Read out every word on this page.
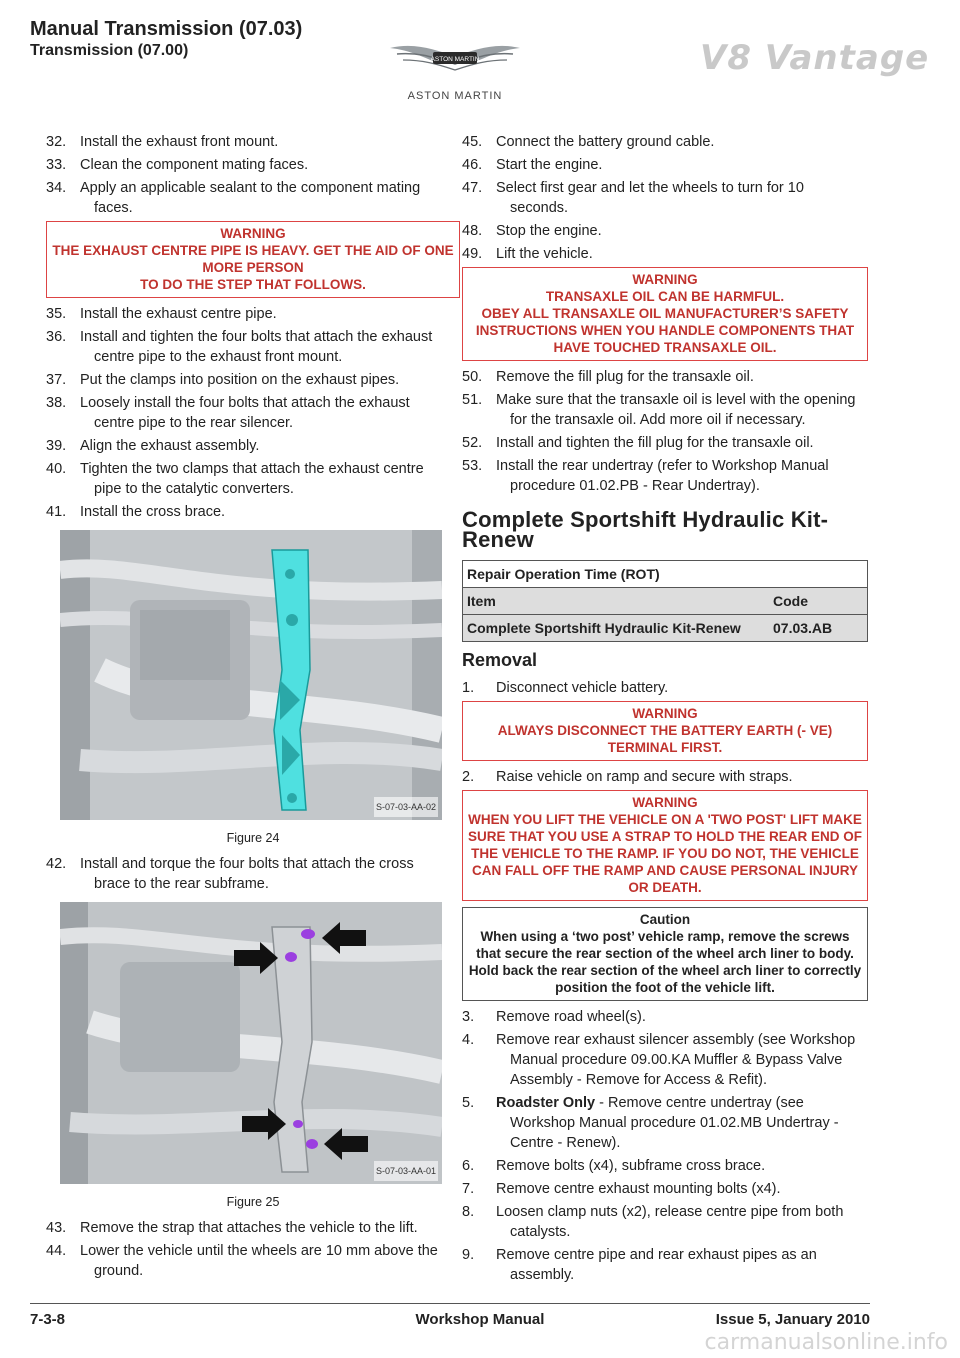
Manual Transmission (07.03)
Transmission (07.00)
ASTON MARTIN
ASTON MARTIN
V8 Vantage
32. Install the exhaust front mount.
33. Clean the component mating faces.
34. Apply an applicable sealant to the component mating
faces.
WARNING
THE EXHAUST CENTRE PIPE IS HEAVY. GET THE AID OF ONE MORE PERSON
TO DO THE STEP THAT FOLLOWS.
35. Install the exhaust centre pipe.
36. Install and tighten the four bolts that attach the exhaust
centre pipe to the exhaust front mount.
37. Put the clamps into position on the exhaust pipes.
38. Loosely install the four bolts that attach the exhaust
centre pipe to the rear silencer.
39. Align the exhaust assembly.
40. Tighten the two clamps that attach the exhaust centre
pipe to the catalytic converters.
41. Install the cross brace.
S-07-03-AA-02
Figure 24
42. Install and torque the four bolts that attach the cross
brace to the rear subframe.
S-07-03-AA-01
Figure 25
43. Remove the strap that attaches the vehicle to the lift.
44. Lower the vehicle until the wheels are 10 mm above the
ground.
45. Connect the battery ground cable.
46. Start the engine.
47. Select first gear and let the wheels to turn for 10
seconds.
48. Stop the engine.
49. Lift the vehicle.
WARNING
TRANSAXLE OIL CAN BE HARMFUL.
OBEY ALL TRANSAXLE OIL MANUFACTURER’S SAFETY INSTRUCTIONS WHEN YOU HANDLE COMPONENTS THAT HAVE TOUCHED TRANSAXLE OIL.
50. Remove the fill plug for the transaxle oil.
51. Make sure that the transaxle oil is level with the opening
for the transaxle oil. Add more oil if necessary.
52. Install and tighten the fill plug for the transaxle oil.
53. Install the rear undertray (refer to Workshop Manual
procedure 01.02.PB - Rear Undertray).
Complete Sportshift Hydraulic Kit-Renew
Repair Operation Time (ROT)	
Item	Code
Complete Sportshift Hydraulic Kit-Renew	07.03.AB
Removal
1. Disconnect vehicle battery.
WARNING
ALWAYS DISCONNECT THE BATTERY EARTH (- VE) TERMINAL FIRST.
2. Raise vehicle on ramp and secure with straps.
WARNING
WHEN YOU LIFT THE VEHICLE ON A 'TWO POST' LIFT MAKE SURE THAT YOU USE A STRAP TO HOLD THE REAR END OF THE VEHICLE TO THE RAMP. IF YOU DO NOT, THE VEHICLE CAN FALL OFF THE RAMP AND CAUSE PERSONAL INJURY OR DEATH.
Caution
When using a ‘two post’ vehicle ramp, remove the screws that secure the rear section of the wheel arch liner to body. Hold back the rear section of the wheel arch liner to correctly position the foot of the vehicle lift.
3. Remove road wheel(s).
4. Remove rear exhaust silencer assembly (see Workshop
Manual procedure 09.00.KA Muffler & Bypass Valve Assembly - Remove for Access & Refit).
5. Roadster Only - Remove centre undertray (see
Workshop Manual procedure 01.02.MB Undertray - Centre - Renew).
6. Remove bolts (x4), subframe cross brace.
7. Remove centre exhaust mounting bolts (x4).
8. Loosen clamp nuts (x2), release centre pipe from both
catalysts.
9. Remove centre pipe and rear exhaust pipes as an
assembly.
7-3-8	Workshop Manual	Issue 5, January 2010
carmanualsonline.info
